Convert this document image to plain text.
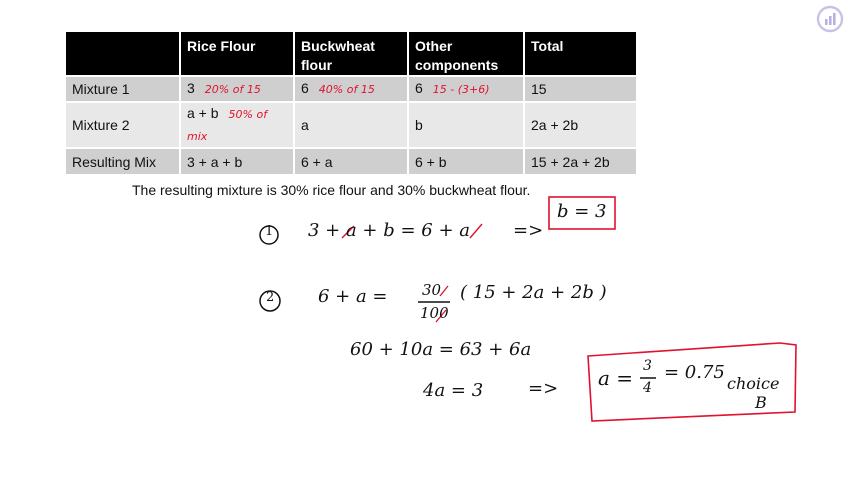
	Rice Flour	Buckwheat flour	Other components	Total
Mixture 1	3 20% of 15	6 40% of 15	6 15 - (3+6)	15
Mixture 2	a + b 50% of mix	a	b	2a + 2b
Resulting Mix	3 + a + b	6 + a	6 + b	15 + 2a + 2b
The resulting mixture is 30% rice flour and 30% buckwheat flour.
1 3 + a + b = 6 + a =>
b = 3
2 6 + a = 30
100
( 15 + 2a + 2b )
60 + 10a = 63 + 6a
4a = 3 => a = 3
4
= 0.75
choice
B
